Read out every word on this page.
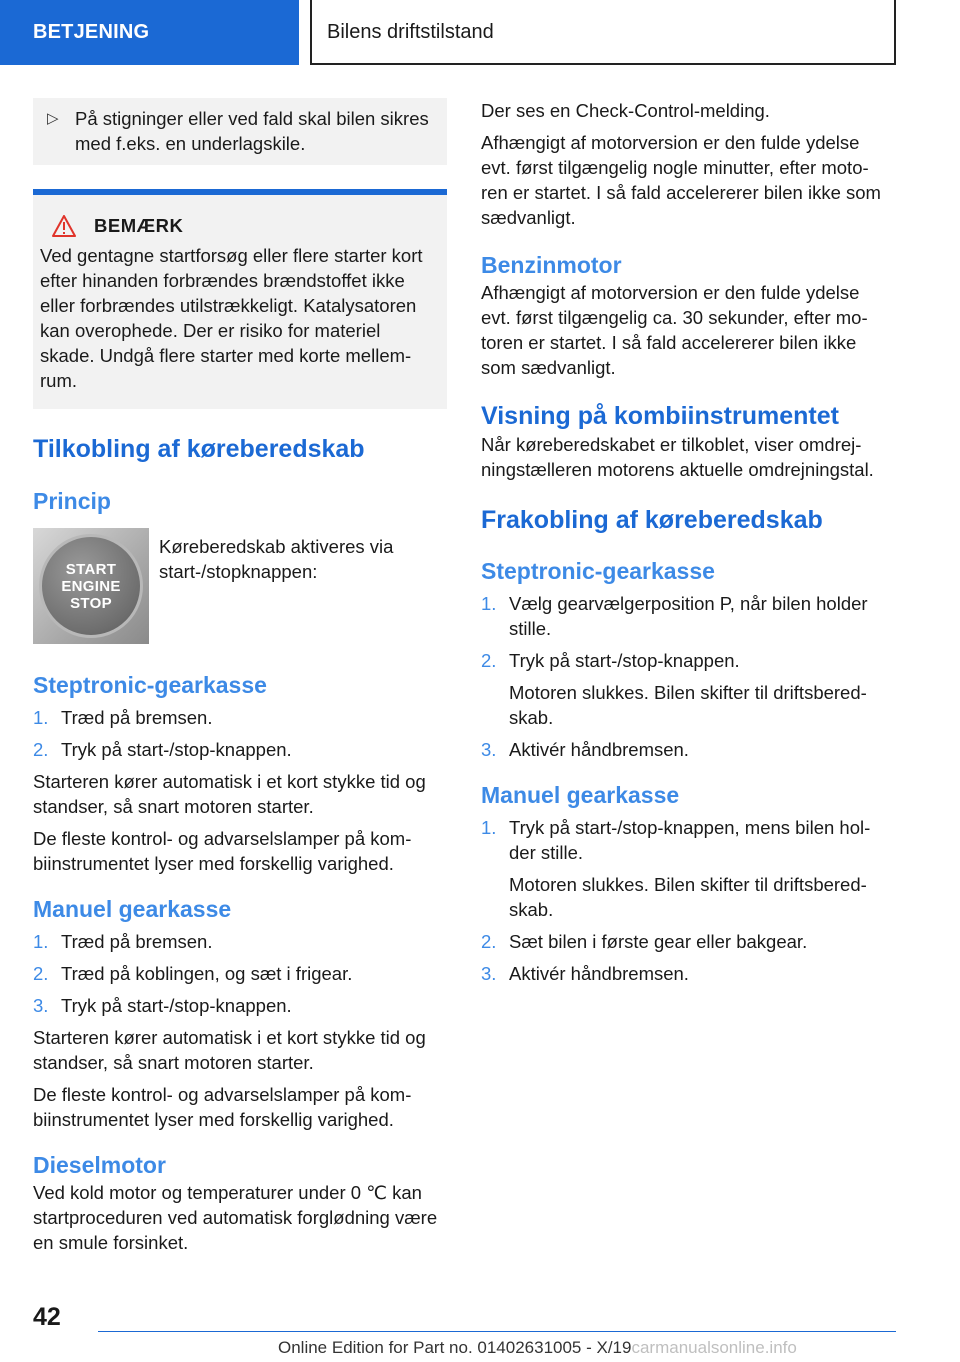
BETJENING	Bilens driftstilstand
▷ På stigninger eller ved fald skal bilen sikres med f.eks. en underlagskile.
BEMÆRK

Ved gentagne startforsøg eller flere starter kort efter hinanden forbrændes brændstoffet ikke eller forbrændes utilstrækkeligt. Katalysatoren kan overophede. Der er risiko for materiel skade. Undgå flere starter med korte mellem-rum.

Tilkobling af køreberedskab
Princip
START
ENGINE
STOP
Køreberedskab aktiveres via start-/stopknappen:
Steptronic-gearkasse
1. Træd på bremsen.
2. Tryk på start-/stop-knappen.

Starteren kører automatisk i et kort stykke tid og standser, så snart motoren starter.

De fleste kontrol- og advarselslamper på kom-biinstrumentet lyser med forskellig varighed.

Manuel gearkasse
1. Træd på bremsen.
2. Træd på koblingen, og sæt i frigear.
3. Tryk på start-/stop-knappen.

Starteren kører automatisk i et kort stykke tid og standser, så snart motoren starter.

De fleste kontrol- og advarselslamper på kom-biinstrumentet lyser med forskellig varighed.

Dieselmotor

Ved kold motor og temperaturer under 0 ℃ kan startproceduren ved automatisk forglødning være en smule forsinket.

Der ses en Check-Control-melding.

Afhængigt af motorversion er den fulde ydelse evt. først tilgængelig nogle minutter, efter moto-ren er startet. I så fald accelererer bilen ikke som sædvanligt.

Benzinmotor

Afhængigt af motorversion er den fulde ydelse evt. først tilgængelig ca. 30 sekunder, efter mo-toren er startet. I så fald accelererer bilen ikke som sædvanligt.

Visning på kombiinstrumentet

Når køreberedskabet er tilkoblet, viser omdrej-ningstælleren motorens aktuelle omdrejningstal.

Frakobling af køreberedskab
Steptronic-gearkasse
1. Vælg gearvælgerposition P, når bilen holder stille.
2. Tryk på start-/stop-knappen.
Motoren slukkes. Bilen skifter til driftsbered-skab.
3. Aktivér håndbremsen.
Manuel gearkasse
1. Tryk på start-/stop-knappen, mens bilen hol-der stille.
Motoren slukkes. Bilen skifter til driftsbered-skab.
2. Sæt bilen i første gear eller bakgear.
3. Aktivér håndbremsen.
42
Online Edition for Part no. 01402631005 - X/19carmanualsonline.info
